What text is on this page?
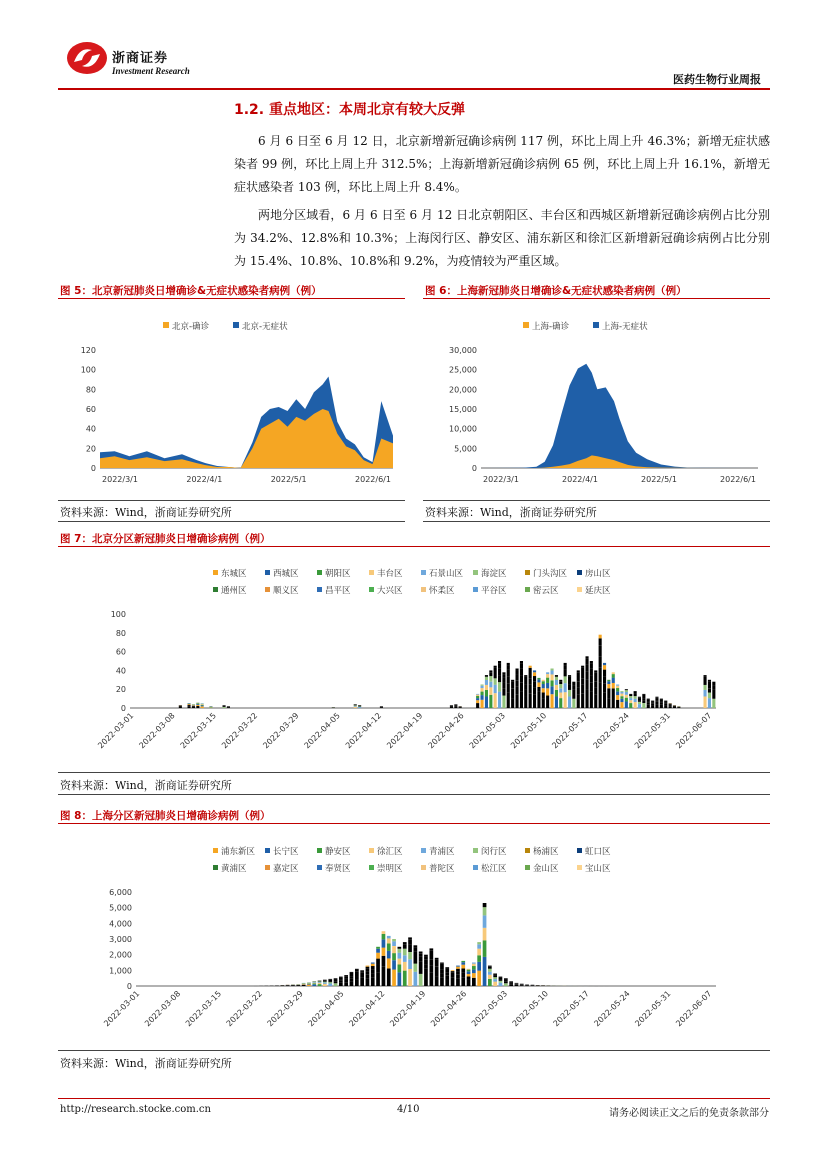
浙商证券
Investment Research
医药生物行业周报
1.2. 重点地区：本周北京有较大反弹
6 月 6 日至 6 月 12 日，北京新增新冠确诊病例 117 例，环比上周上升 46.3%；新增无症状感染者 99 例，环比上周上升 312.5%；上海新增新冠确诊病例 65 例，环比上周上升 16.1%，新增无症状感染者 103 例，环比上周上升 8.4%。
两地分区域看，6 月 6 日至 6 月 12 日北京朝阳区、丰台区和西城区新增新冠确诊病例占比分别为 34.2%、12.8%和 10.3%；上海闵行区、静安区、浦东新区和徐汇区新增新冠确诊病例占比分别为 15.4%、10.8%、10.8%和 9.2%，为疫情较为严重区域。
图 5：北京新冠肺炎日增确诊&无症状感染者病例（例）	图 6：上海新冠肺炎日增确诊&无症状感染者病例（例）
北京-确诊	北京-无症状
0
20
40
60
80
100
120
2022/3/1	2022/4/1	2022/5/1	2022/6/1
上海-确诊	上海-无症状
0
5,000
10,000
15,000
20,000
25,000
30,000
2022/3/1	2022/4/1	2022/5/1	2022/6/1
资料来源：Wind，浙商证券研究所	资料来源：Wind，浙商证券研究所
图 7：北京分区新冠肺炎日增确诊病例（例）
东城区	西城区	朝阳区	丰台区	石景山区 海淀区	门头沟区 房山区
通州区	顺义区	昌平区	大兴区	怀柔区	平谷区	密云区	延庆区
0
20
40
60
80
100
2022-03-01 2022-03-08 2022-03-15 2022-03-22 2022-03-29 2022-04-05 2022-04-12 2022-04-19 2022-04-26 2022-05-03 2022-05-10 2022-05-17 2022-05-24 2022-05-31 2022-06-07
资料来源：Wind，浙商证券研究所
图 8：上海分区新冠肺炎日增确诊病例（例）
浦东新区 长宁区	静安区	徐汇区	青浦区	闵行区	杨浦区	虹口区
黄浦区	嘉定区	奉贤区	崇明区	普陀区	松江区	金山区	宝山区
0
1,000
2,000
3,000
4,000
5,000
6,000
2022-03-01 2022-03-08 2022-03-15 2022-03-22 2022-03-29 2022-04-05 2022-04-12 2022-04-19 2022-04-26 2022-05-03 2022-05-10 2022-05-17 2022-05-24 2022-05-31 2022-06-07
资料来源：Wind，浙商证券研究所
http://research.stocke.com.cn	4/10	请务必阅读正文之后的免责条款部分
